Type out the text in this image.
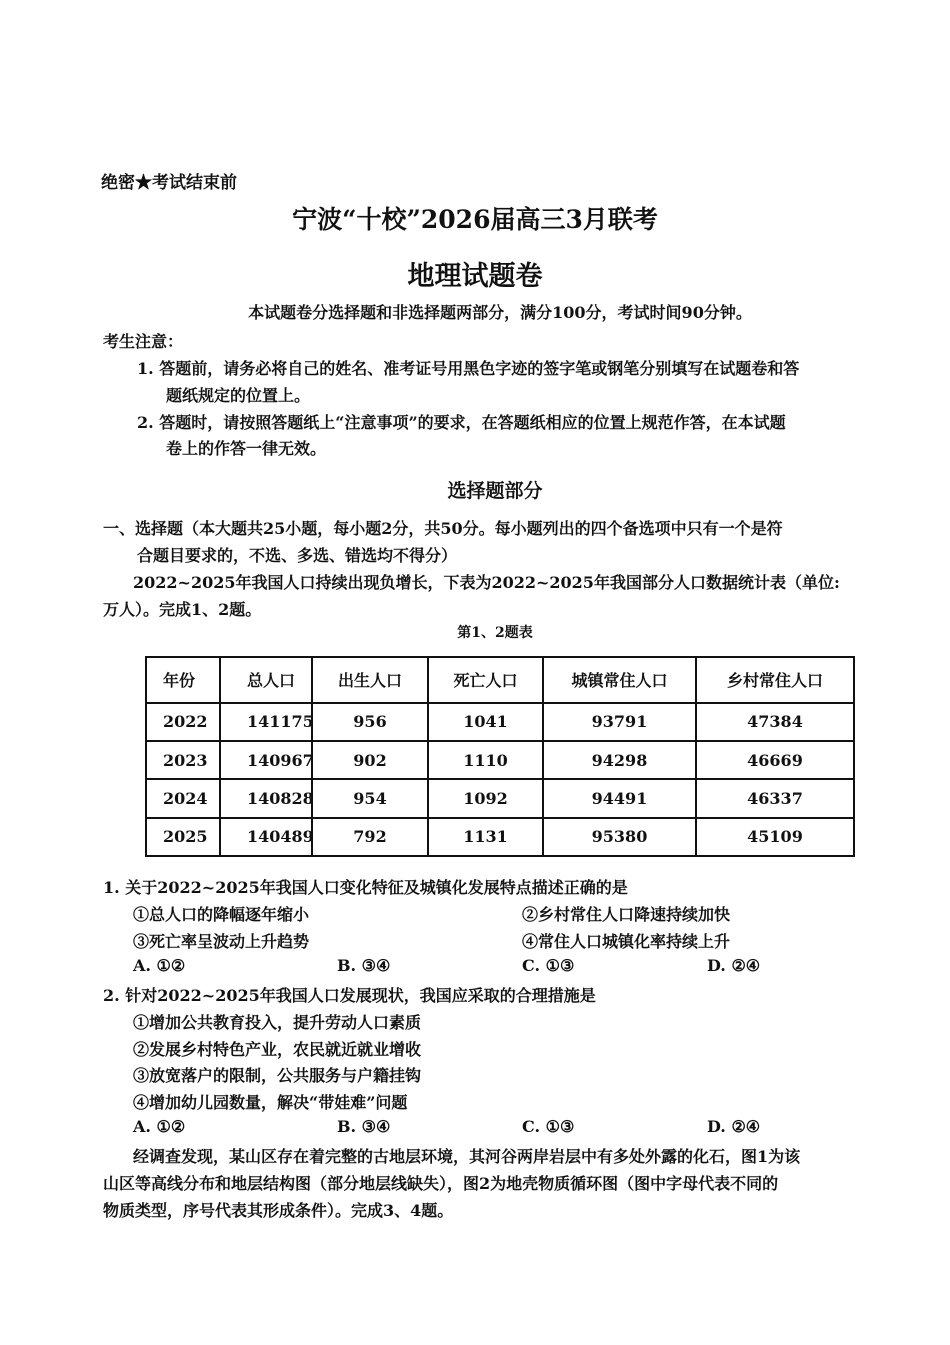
绝密★考试结束前
宁波“十校”2026届高三3月联考
地理试题卷
本试题卷分选择题和非选择题两部分，满分100分，考试时间90分钟。
考生注意：
1. 答题前，请务必将自己的姓名、准考证号用黑色字迹的签字笔或钢笔分别填写在试题卷和答
题纸规定的位置上。
2. 答题时，请按照答题纸上“注意事项”的要求，在答题纸相应的位置上规范作答，在本试题
卷上的作答一律无效。
选择题部分
一、选择题（本大题共25小题，每小题2分，共50分。每小题列出的四个备选项中只有一个是符
合题目要求的，不选、多选、错选均不得分）
2022~2025年我国人口持续出现负增长，下表为2022~2025年我国部分人口数据统计表（单位:
万人）。完成1、2题。
第1、2题表
年份	总人口	出生人口	死亡人口	城镇常住人口	乡村常住人口
2022	141175	956	1041	93791	47384
2023	140967	902	1110	94298	46669
2024	140828	954	1092	94491	46337
2025	140489	792	1131	95380	45109
1. 关于2022~2025年我国人口变化特征及城镇化发展特点描述正确的是
①总人口的降幅逐年缩小	②乡村常住人口降速持续加快
③死亡率呈波动上升趋势	④常住人口城镇化率持续上升
A. ①②	B. ③④	C. ①③	D. ②④
2. 针对2022~2025年我国人口发展现状，我国应采取的合理措施是
①增加公共教育投入，提升劳动人口素质
②发展乡村特色产业，农民就近就业增收
③放宽落户的限制，公共服务与户籍挂钩
④增加幼儿园数量，解决“带娃难”问题
A. ①②	B. ③④	C. ①③	D. ②④
经调查发现，某山区存在着完整的古地层环境，其河谷两岸岩层中有多处外露的化石，图1为该
山区等高线分布和地层结构图（部分地层线缺失），图2为地壳物质循环图（图中字母代表不同的
物质类型，序号代表其形成条件）。完成3、4题。
